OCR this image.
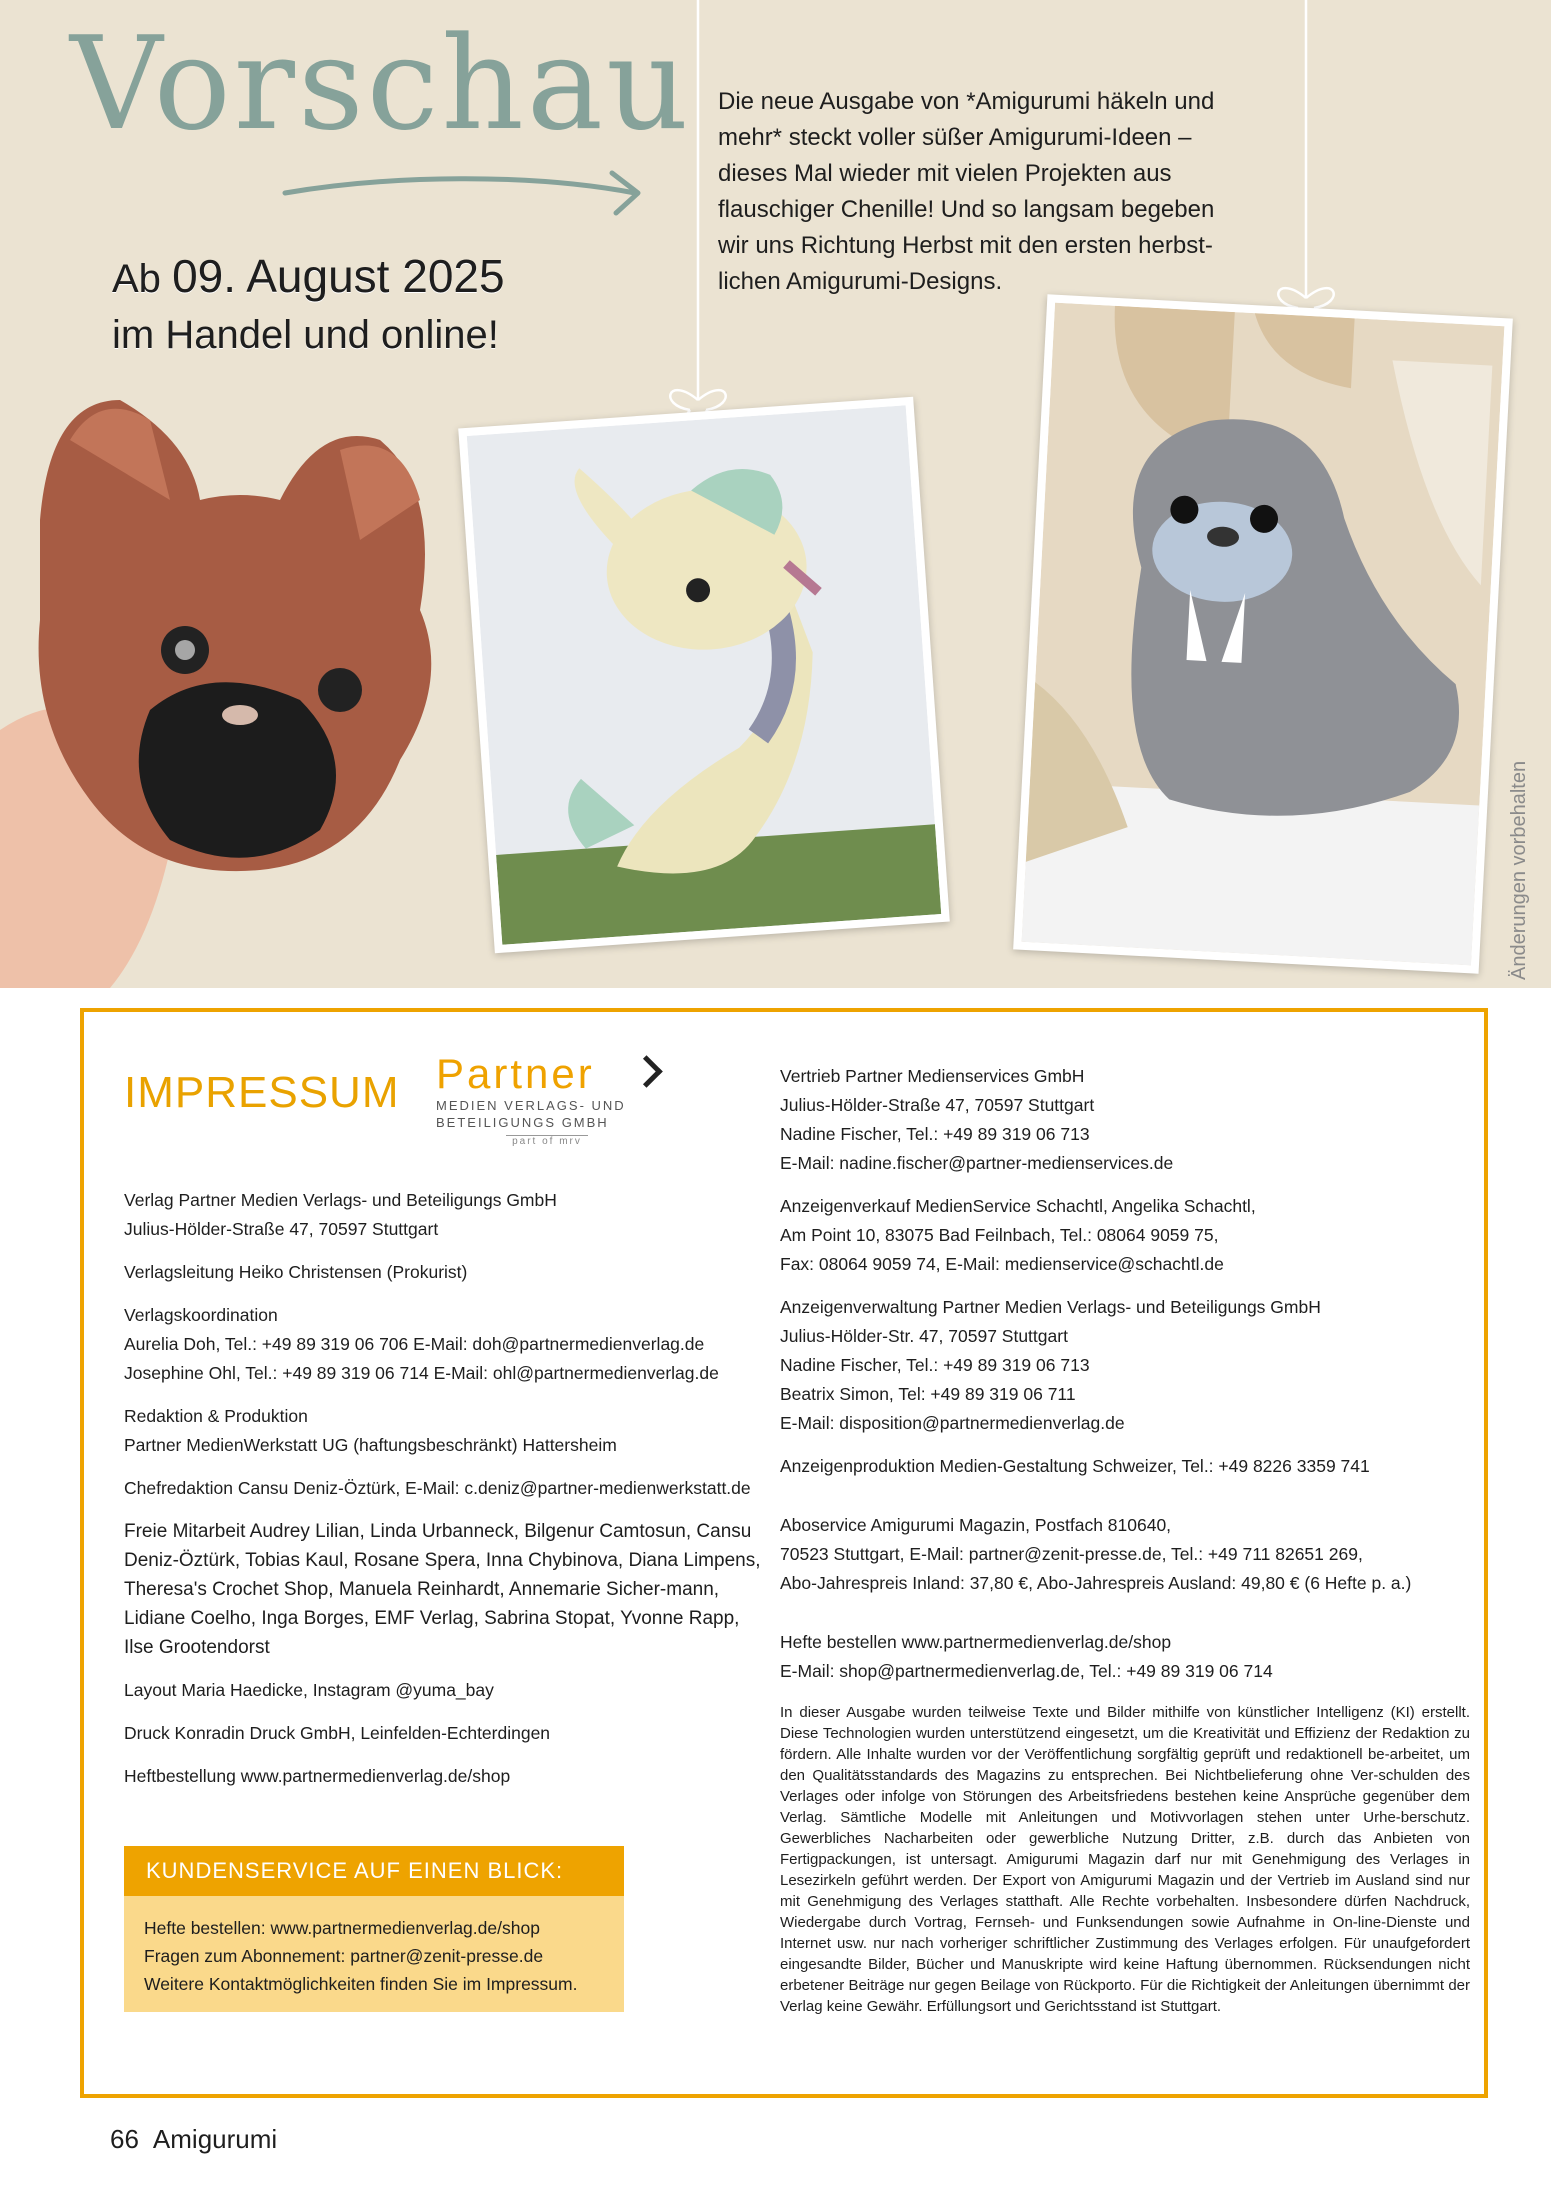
Vorschau
Ab 09. August 2025
im Handel und online!
Die neue Ausgabe von *Amigurumi häkeln und mehr* steckt voller süßer Amigurumi-Ideen – dieses Mal wieder mit vielen Projekten aus flauschiger Chenille! Und so langsam begeben wir uns Richtung Herbst mit den ersten herbst-lichen Amigurumi-Designs.
Änderungen vorbehalten
IMPRESSUM Partner
MEDIEN VERLAGS- UND
BETEILIGUNGS GMBH
part of mrv

Verlag Partner Medien Verlags- und Beteiligungs GmbH
Julius-Hölder-Straße 47, 70597 Stuttgart

Verlagsleitung Heiko Christensen (Prokurist)

Verlagskoordination
Aurelia Doh, Tel.: +49 89 319 06 706 E-Mail: doh@partnermedienverlag.de
Josephine Ohl, Tel.: +49 89 319 06 714 E-Mail: ohl@partnermedienverlag.de

Redaktion & Produktion
Partner MedienWerkstatt UG (haftungsbeschränkt) Hattersheim

Chefredaktion Cansu Deniz-Öztürk, E-Mail: c.deniz@partner-medienwerkstatt.de

Freie Mitarbeit Audrey Lilian, Linda Urbanneck, Bilgenur Camtosun, Cansu Deniz-Öztürk, Tobias Kaul, Rosane Spera, Inna Chybinova, Diana Limpens, Theresa's Crochet Shop, Manuela Reinhardt, Annemarie Sicher-mann, Lidiane Coelho, Inga Borges, EMF Verlag, Sabrina Stopat, Yvonne Rapp, Ilse Grootendorst

Layout Maria Haedicke, Instagram @yuma_bay

Druck Konradin Druck GmbH, Leinfelden-Echterdingen

Heftbestellung www.partnermedienverlag.de/shop

Vertrieb Partner Medienservices GmbH
Julius-Hölder-Straße 47, 70597 Stuttgart
Nadine Fischer, Tel.: +49 89 319 06 713
E-Mail: nadine.fischer@partner-medienservices.de

Anzeigenverkauf MedienService Schachtl, Angelika Schachtl,
Am Point 10, 83075 Bad Feilnbach, Tel.: 08064 9059 75,
Fax: 08064 9059 74, E-Mail: medienservice@schachtl.de

Anzeigenverwaltung Partner Medien Verlags- und Beteiligungs GmbH
Julius-Hölder-Str. 47, 70597 Stuttgart
Nadine Fischer, Tel.: +49 89 319 06 713
Beatrix Simon, Tel: +49 89 319 06 711
E-Mail: disposition@partnermedienverlag.de

Anzeigenproduktion Medien-Gestaltung Schweizer, Tel.: +49 8226 3359 741

Aboservice Amigurumi Magazin, Postfach 810640,
70523 Stuttgart, E-Mail: partner@zenit-presse.de, Tel.: +49 711 82651 269,
Abo-Jahrespreis Inland: 37,80 €, Abo-Jahrespreis Ausland: 49,80 € (6 Hefte p. a.)

Hefte bestellen www.partnermedienverlag.de/shop
E-Mail: shop@partnermedienverlag.de, Tel.: +49 89 319 06 714

In dieser Ausgabe wurden teilweise Texte und Bilder mithilfe von künstlicher Intelligenz (KI) erstellt. Diese Technologien wurden unterstützend eingesetzt, um die Kreativität und Effizienz der Redaktion zu fördern. Alle Inhalte wurden vor der Veröffentlichung sorgfältig geprüft und redaktionell be-arbeitet, um den Qualitätsstandards des Magazins zu entsprechen. Bei Nichtbelieferung ohne Ver-schulden des Verlages oder infolge von Störungen des Arbeitsfriedens bestehen keine Ansprüche gegenüber dem Verlag. Sämtliche Modelle mit Anleitungen und Motivvorlagen stehen unter Urhe-berschutz. Gewerbliches Nacharbeiten oder gewerbliche Nutzung Dritter, z.B. durch das Anbieten von Fertigpackungen, ist untersagt. Amigurumi Magazin darf nur mit Genehmigung des Verlages in Lesezirkeln geführt werden. Der Export von Amigurumi Magazin und der Vertrieb im Ausland sind nur mit Genehmigung des Verlages statthaft. Alle Rechte vorbehalten. Insbesondere dürfen Nachdruck, Wiedergabe durch Vortrag, Fernseh- und Funksendungen sowie Aufnahme in On-line-Dienste und Internet usw. nur nach vorheriger schriftlicher Zustimmung des Verlages erfolgen. Für unaufgefordert eingesandte Bilder, Bücher und Manuskripte wird keine Haftung übernommen. Rücksendungen nicht erbetener Beiträge nur gegen Beilage von Rückporto. Für die Richtigkeit der Anleitungen übernimmt der Verlag keine Gewähr. Erfüllungsort und Gerichtsstand ist Stuttgart.
KUNDENSERVICE AUF EINEN BLICK:
Hefte bestellen: www.partnermedienverlag.de/shop
Fragen zum Abonnement: partner@zenit-presse.de
Weitere Kontaktmöglichkeiten finden Sie im Impressum.
66 Amigurumi
